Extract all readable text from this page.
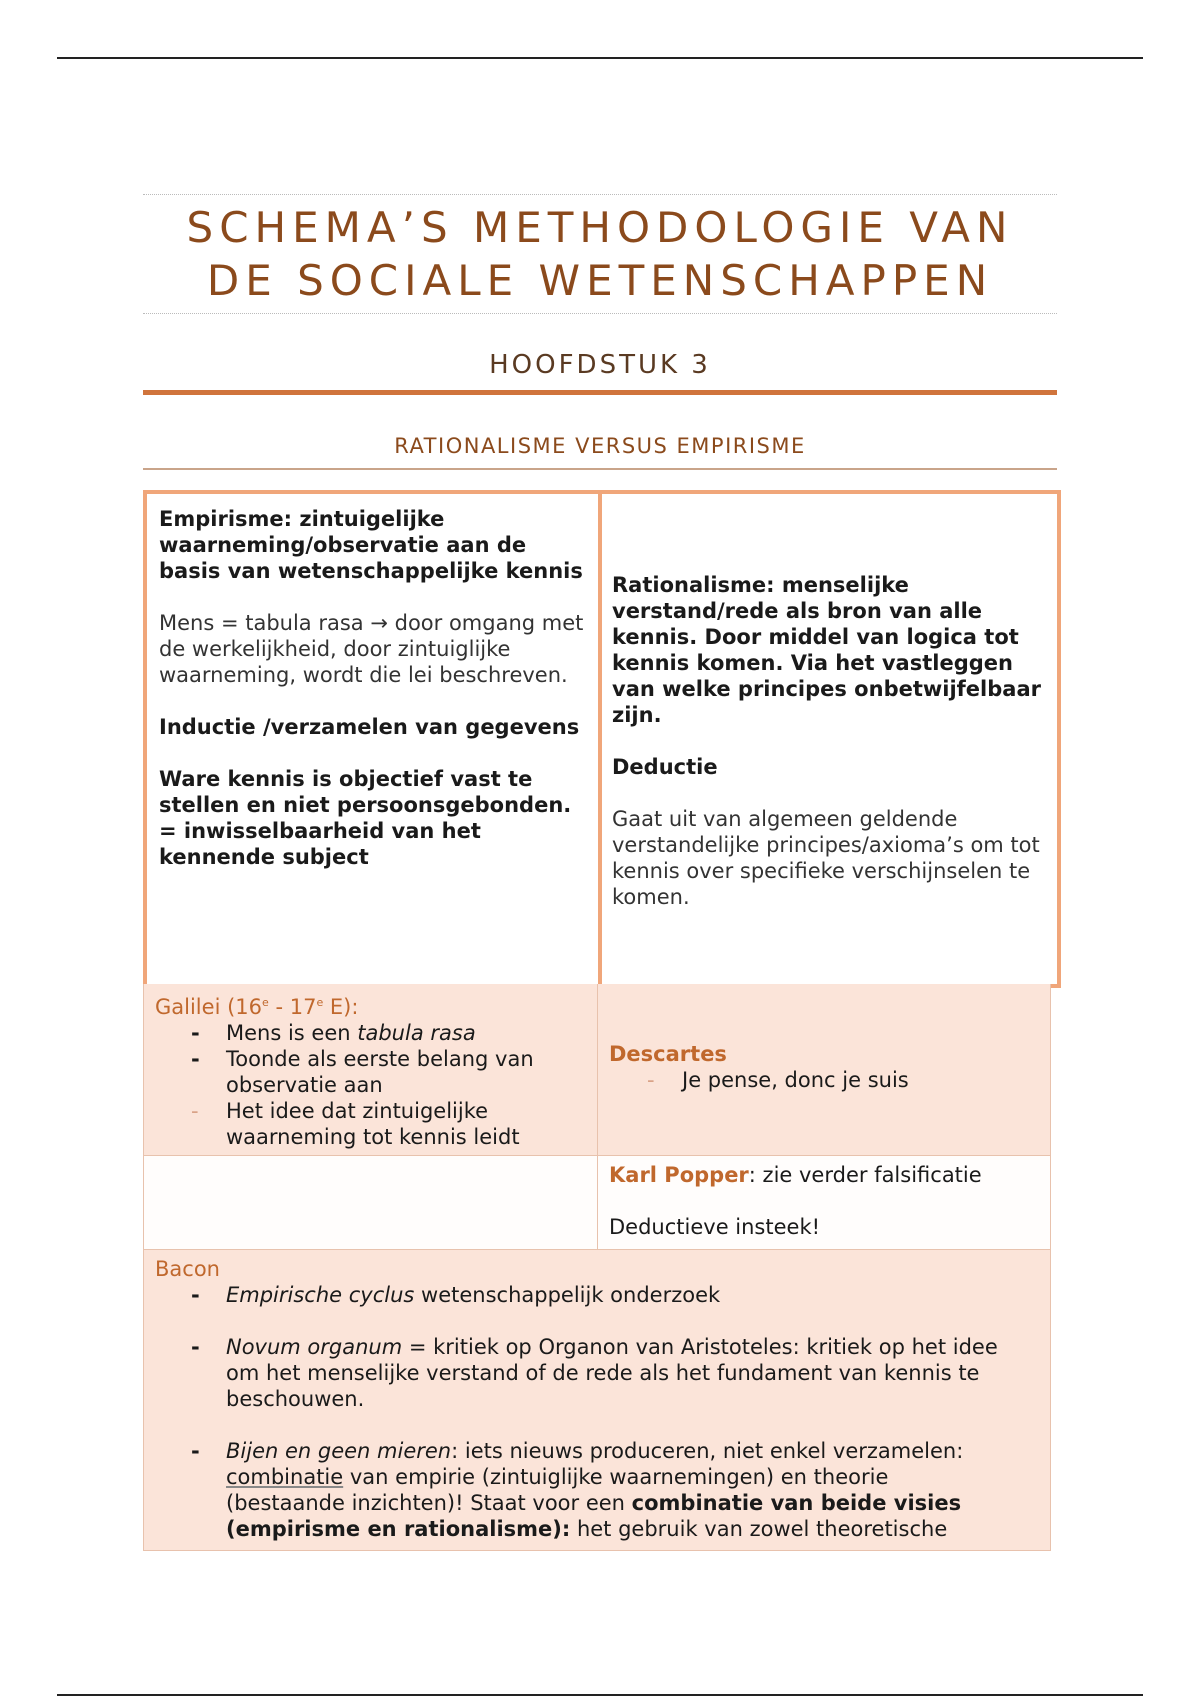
SCHEMA’S METHODOLOGIE VAN
DE SOCIALE WETENSCHAPPEN
HOOFDSTUK 3
RATIONALISME VERSUS EMPIRISME

Empirisme: zintuigelijke waarneming/observatie aan de basis van wetenschappelijke kennis

Mens = tabula rasa → door omgang met de werkelijkheid, door zintuiglijke waarneming, wordt die lei beschreven.

Inductie /verzamelen van gegevens

Ware kennis is objectief vast te stellen en niet persoonsgebonden. = inwisselbaarheid van het kennende subject

Rationalisme: menselijke verstand/rede als bron van alle kennis. Door middel van logica tot kennis komen. Via het vastleggen van welke principes onbetwijfelbaar zijn.

Deductie

Gaat uit van algemeen geldende verstandelijke principes/axioma’s om tot kennis over specifieke verschijnselen te komen.

Galilei (16e - 17e E):
- Mens is een tabula rasa
- Toonde als eerste belang van observatie aan
- Het idee dat zintuigelijke waarneming tot kennis leidt
Descartes
- Je pense, donc je suis
Karl Popper: zie verder falsificatie
Deductieve insteek!
Bacon
- Empirische cyclus wetenschappelijk onderzoek
- Novum organum = kritiek op Organon van Aristoteles: kritiek op het idee om het menselijke verstand of de rede als het fundament van kennis te beschouwen.
- Bijen en geen mieren: iets nieuws produceren, niet enkel verzamelen: combinatie van empirie (zintuiglijke waarnemingen) en theorie (bestaande inzichten)! Staat voor een combinatie van beide visies (empirisme en rationalisme): het gebruik van zowel theoretische
